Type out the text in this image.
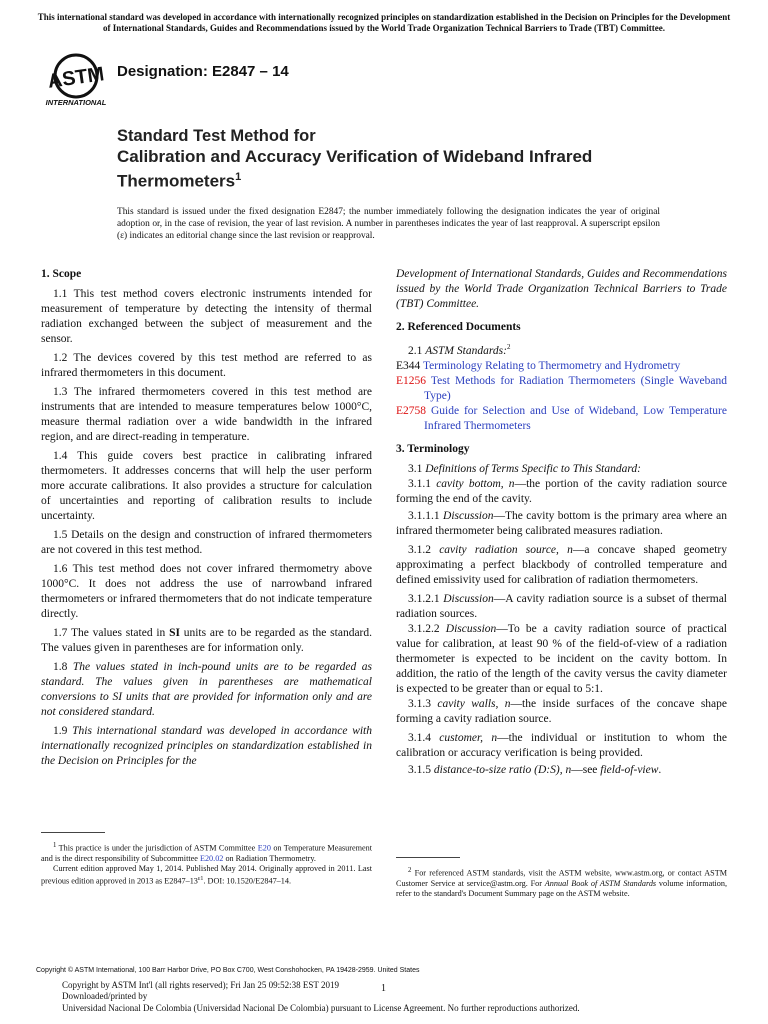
This international standard was developed in accordance with internationally recognized principles on standardization established in the Decision on Principles for the Development of International Standards, Guides and Recommendations issued by the World Trade Organization Technical Barriers to Trade (TBT) Committee.
ASTM
INTERNATIONAL
Designation: E2847 – 14
Standard Test Method for
Calibration and Accuracy Verification of Wideband Infrared
Thermometers$^1$
This standard is issued under the fixed designation E2847; the number immediately following the designation indicates the year of original adoption or, in the case of revision, the year of last revision. A number in parentheses indicates the year of last reapproval. A superscript epsilon (ε) indicates an editorial change since the last revision or reapproval.
1. Scope

1.1 This test method covers electronic instruments intended for measurement of temperature by detecting the intensity of thermal radiation exchanged between the subject of measurement and the sensor.

1.2 The devices covered by this test method are referred to as infrared thermometers in this document.

1.3 The infrared thermometers covered in this test method are instruments that are intended to measure temperatures below 1000°C, measure thermal radiation over a wide bandwidth in the infrared region, and are direct-reading in temperature.

1.4 This guide covers best practice in calibrating infrared thermometers. It addresses concerns that will help the user perform more accurate calibrations. It also provides a structure for calculation of uncertainties and reporting of calibration results to include uncertainty.

1.5 Details on the design and construction of infrared thermometers are not covered in this test method.

1.6 This test method does not cover infrared thermometry above 1000°C. It does not address the use of narrowband infrared thermometers or infrared thermometers that do not indicate temperature directly.

1.7 The values stated in SI units are to be regarded as the standard. The values given in parentheses are for information only.

1.8 The values stated in inch-pound units are to be regarded as standard. The values given in parentheses are mathematical conversions to SI units that are provided for information only and are not considered standard.

1.9 This international standard was developed in accordance with internationally recognized principles on standardization established in the Decision on Principles for the

Development of International Standards, Guides and Recommendations issued by the World Trade Organization Technical Barriers to Trade (TBT) Committee.

2. Referenced Documents

2.1 ASTM Standards:$^2$

E344 Terminology Relating to Thermometry and Hydrometry
E1256 Test Methods for Radiation Thermometers (Single Waveband Type)
E2758 Guide for Selection and Use of Wideband, Low Temperature Infrared Thermometers
3. Terminology

3.1 Definitions of Terms Specific to This Standard:

3.1.1 cavity bottom, n—the portion of the cavity radiation source forming the end of the cavity.

3.1.1.1 Discussion—The cavity bottom is the primary area where an infrared thermometer being calibrated measures radiation.

3.1.2 cavity radiation source, n—a concave shaped geometry approximating a perfect blackbody of controlled temperature and defined emissivity used for calibration of radiation thermometers.

3.1.2.1 Discussion—A cavity radiation source is a subset of thermal radiation sources.

3.1.2.2 Discussion—To be a cavity radiation source of practical value for calibration, at least 90 % of the field-of-view of a radiation thermometer is expected to be incident on the cavity bottom. In addition, the ratio of the length of the cavity versus the cavity diameter is expected to be greater than or equal to 5:1.

3.1.3 cavity walls, n—the inside surfaces of the concave shape forming a cavity radiation source.

3.1.4 customer, n—the individual or institution to whom the calibration or accuracy verification is being provided.

3.1.5 distance-to-size ratio (D:S), n—see field-of-view.

$^1$ This practice is under the jurisdiction of ASTM Committee E20 on Temperature Measurement and is the direct responsibility of Subcommittee E20.02 on Radiation Thermometry.

Current edition approved May 1, 2014. Published May 2014. Originally approved in 2011. Last previous edition approved in 2013 as $E2847-13^{\varepsilon 1}$. DOI: 10.1520/E2847–14.

$^2$ For referenced ASTM standards, visit the ASTM website, www.astm.org, or contact ASTM Customer Service at service@astm.org. For Annual Book of ASTM Standards volume information, refer to the standard's Document Summary page on the ASTM website.

Copyright © ASTM International, 100 Barr Harbor Drive, PO Box C700, West Conshohocken, PA 19428-2959. United States
1
Copyright by ASTM Int'l (all rights reserved); Fri Jan 25 09:52:38 EST 2019
Downloaded/printed by
Universidad Nacional De Colombia (Universidad Nacional De Colombia) pursuant to License Agreement. No further reproductions authorized.
